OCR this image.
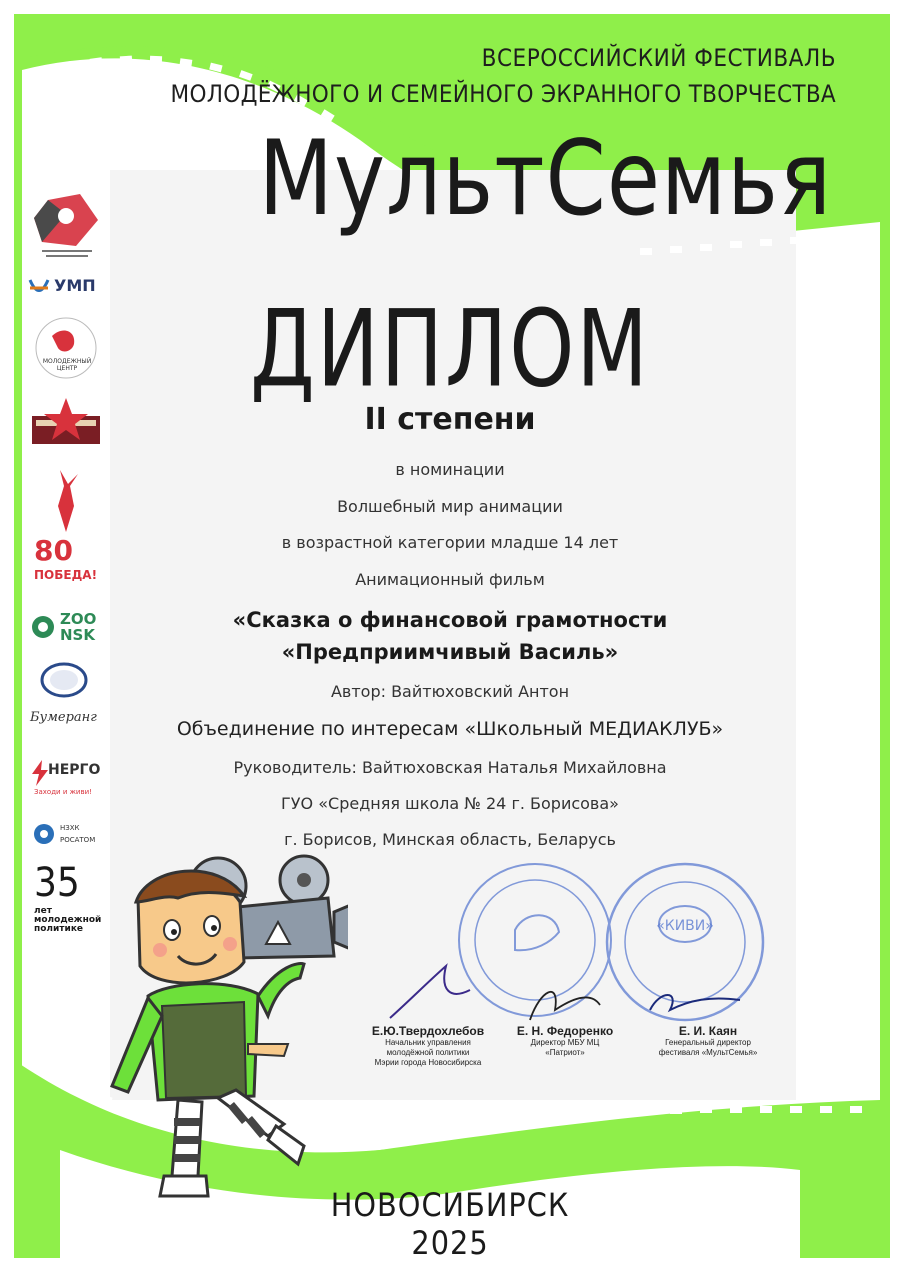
ВСЕРОССИЙСКИЙ ФЕСТИВАЛЬ
МОЛОДЁЖНОГО И СЕМЕЙНОГО ЭКРАННОГО ТВОРЧЕСТВА
МультСемья
УМП
МОЛОДЕЖНЫЙ ЦЕНТР
80
ПОБЕДА!
ZOO
NSK
Бумеранг
НЕРГО
Заходи и живи!
НЗХК
РОСАТОМ
35
лет
молодежной
политике
ДИПЛОМ
II степени
в номинации
Волшебный мир анимации
в возрастной категории младше 14 лет
Анимационный фильм
«Сказка о финансовой грамотности
«Предприимчивый Василь»
Автор: Вайтюховский Антон
Объединение по интересам «Школьный МЕДИАКЛУБ»
Руководитель: Вайтюховская Наталья Михайловна
ГУО «Средняя школа № 24 г. Борисова»
г. Борисов, Минская область, Беларусь
«КИВИ»
Е.Ю.Твердохлебов
Начальник управления
молодёжной политики
Мэрии города Новосибирска
Е. Н. Федоренко
Директор МБУ МЦ
«Патриот»
Е. И. Каян
Генеральный директор
фестиваля «МультСемья»
НОВОСИБИРСК 2025
